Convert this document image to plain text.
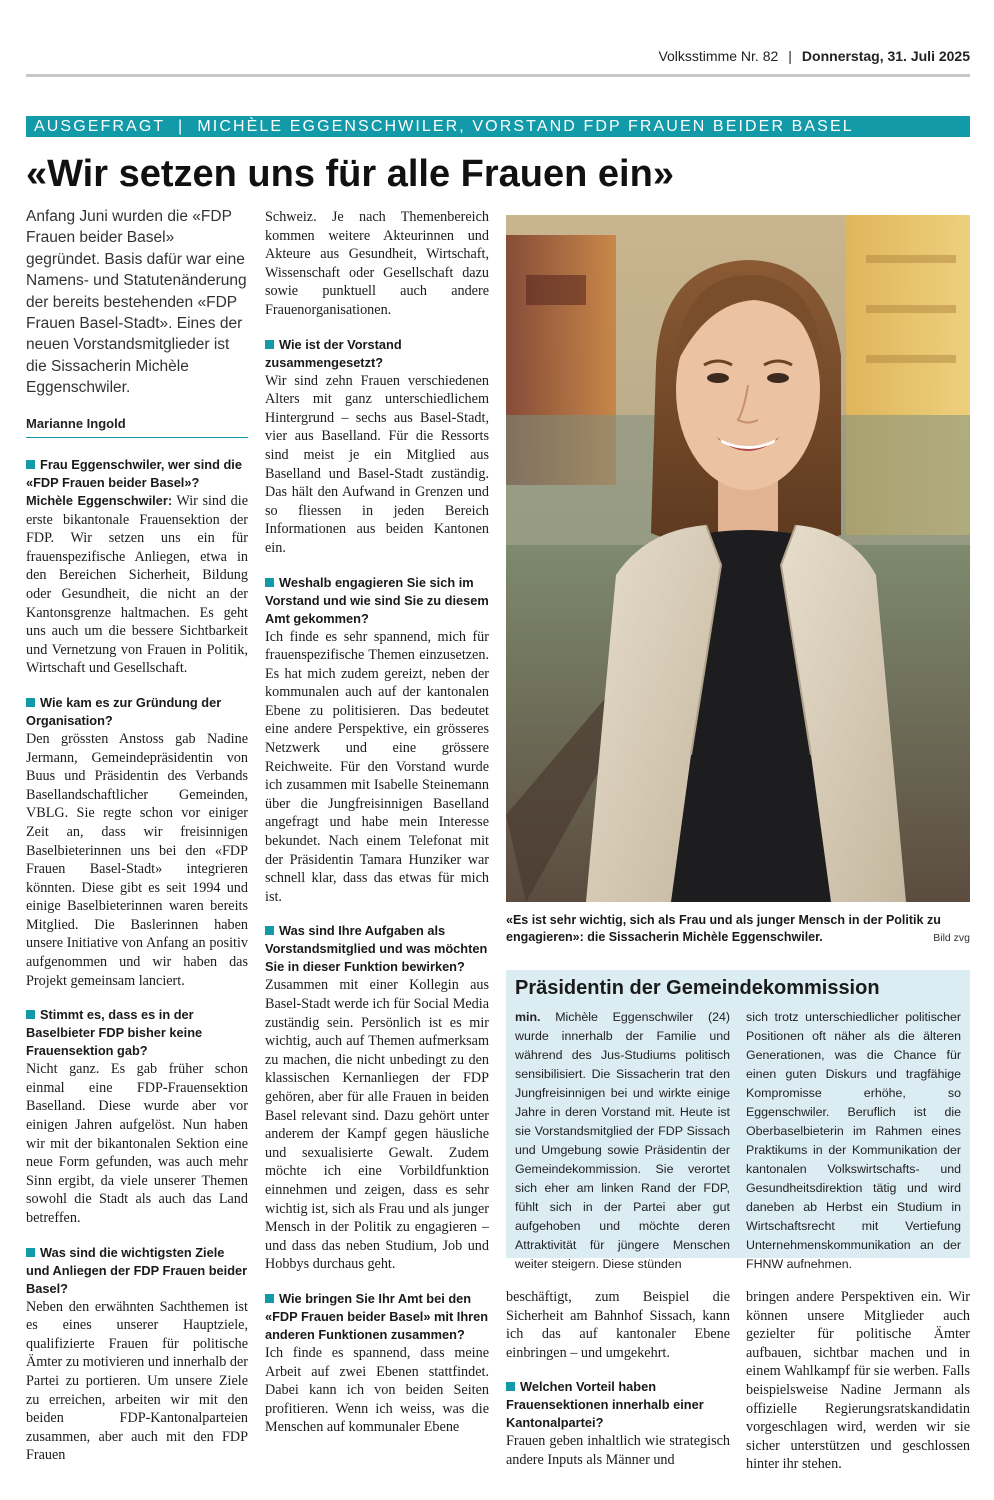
Volksstimme Nr. 82 | Donnerstag, 31. Juli 2025
AUSGEFRAGT  |  MICHÈLE EGGENSCHWILER, VORSTAND FDP FRAUEN BEIDER BASEL
«Wir setzen uns für alle Frauen ein»

Anfang Juni wurden die «FDP Frauen beider Basel» gegründet. Basis dafür war eine Namens- und Statutenänderung der bereits bestehenden «FDP Frauen Basel-Stadt». Eines der neuen Vorstandsmitglieder ist die Sissacherin Michèle Eggenschwiler.

Marianne Ingold

Frau Eggenschwiler, wer sind die «FDP Frauen beider Basel»?
Michèle Eggenschwiler: Wir sind die erste bikantonale Frauensektion der FDP. Wir setzen uns ein für frauenspezifische Anliegen, etwa in den Bereichen Sicherheit, Bildung oder Gesundheit, die nicht an der Kantonsgrenze haltmachen. Es geht uns auch um die bessere Sichtbarkeit und Vernetzung von Frauen in Politik, Wirtschaft und Gesellschaft.

Wie kam es zur Gründung der Organisation?
Den grössten Anstoss gab Nadine Jermann, Gemeindepräsidentin von Buus und Präsidentin des Verbands Basellandschaftlicher Gemeinden, VBLG. Sie regte schon vor einiger Zeit an, dass wir freisinnigen Baselbieterinnen uns bei den «FDP Frauen Basel-Stadt» integrieren könnten. Diese gibt es seit 1994 und einige Baselbieterinnen waren bereits Mitglied. Die Baslerinnen haben unsere Initiative von Anfang an positiv aufgenommen und wir haben das Projekt gemeinsam lanciert.

Stimmt es, dass es in der Baselbieter FDP bisher keine Frauensektion gab?
Nicht ganz. Es gab früher schon einmal eine FDP-Frauensektion Baselland. Diese wurde aber vor einigen Jahren aufgelöst. Nun haben wir mit der bikantonalen Sektion eine neue Form gefunden, was auch mehr Sinn ergibt, da viele unserer Themen sowohl die Stadt als auch das Land betreffen.

Was sind die wichtigsten Ziele und Anliegen der FDP Frauen beider Basel?
Neben den erwähnten Sachthemen ist es eines unserer Hauptziele, qualifizierte Frauen für politische Ämter zu motivieren und innerhalb der Partei zu portieren. Um unsere Ziele zu erreichen, arbeiten wir mit den beiden FDP-Kantonalparteien zusammen, aber auch mit den FDP Frauen

Schweiz. Je nach Themenbereich kommen weitere Akteurinnen und Akteure aus Gesundheit, Wirtschaft, Wissenschaft oder Gesellschaft dazu sowie punktuell auch andere Frauenorganisationen.

Wie ist der Vorstand zusammengesetzt?
Wir sind zehn Frauen verschiedenen Alters mit ganz unterschiedlichem Hintergrund – sechs aus Basel-Stadt, vier aus Baselland. Für die Ressorts sind meist je ein Mitglied aus Baselland und Basel-Stadt zuständig. Das hält den Aufwand in Grenzen und so fliessen in jeden Bereich Informationen aus beiden Kantonen ein.

Weshalb engagieren Sie sich im Vorstand und wie sind Sie zu diesem Amt gekommen?
Ich finde es sehr spannend, mich für frauenspezifische Themen einzusetzen. Es hat mich zudem gereizt, neben der kommunalen auch auf der kantonalen Ebene zu politisieren. Das bedeutet eine andere Perspektive, ein grösseres Netzwerk und eine grössere Reichweite. Für den Vorstand wurde ich zusammen mit Isabelle Steinemann über die Jungfreisinnigen Baselland angefragt und habe mein Interesse bekundet. Nach einem Telefonat mit der Präsidentin Tamara Hunziker war schnell klar, dass das etwas für mich ist.

Was sind Ihre Aufgaben als Vorstandsmitglied und was möchten Sie in dieser Funktion bewirken?
Zusammen mit einer Kollegin aus Basel-Stadt werde ich für Social Media zuständig sein. Persönlich ist es mir wichtig, auch auf Themen aufmerksam zu machen, die nicht unbedingt zu den klassischen Kernanliegen der FDP gehören, aber für alle Frauen in beiden Basel relevant sind. Dazu gehört unter anderem der Kampf gegen häusliche und sexualisierte Gewalt. Zudem möchte ich eine Vorbildfunktion einnehmen und zeigen, dass es sehr wichtig ist, sich als Frau und als junger Mensch in der Politik zu engagieren – und dass das neben Studium, Job und Hobbys durchaus geht.

Wie bringen Sie Ihr Amt bei den «FDP Frauen beider Basel» mit Ihren anderen Funktionen zusammen?
Ich finde es spannend, dass meine Arbeit auf zwei Ebenen stattfindet. Dabei kann ich von beiden Seiten profitieren. Wenn ich weiss, was die Menschen auf kommunaler Ebene

«Es ist sehr wichtig, sich als Frau und als junger Mensch in der Politik zu engagieren»: die Sissacherin Michèle Eggenschwiler.	Bild zvg
Präsidentin der Gemeindekommission

min. Michèle Eggenschwiler (24) wurde innerhalb der Familie und während des Jus-Studiums politisch sensibilisiert. Die Sissacherin trat den Jungfreisinnigen bei und wirkte einige Jahre in deren Vorstand mit. Heute ist sie Vorstandsmitglied der FDP Sissach und Umgebung sowie Präsidentin der Gemeindekommission. Sie verortet sich eher am linken Rand der FDP, fühlt sich in der Partei aber gut aufgehoben und möchte deren Attraktivität für jüngere Menschen weiter steigern. Diese stünden

sich trotz unterschiedlicher politischer Positionen oft näher als die älteren Generationen, was die Chance für einen guten Diskurs und tragfähige Kompromisse erhöhe, so Eggenschwiler. Beruflich ist die Oberbaselbieterin im Rahmen eines Praktikums in der Kommunikation der kantonalen Volkswirtschafts- und Gesundheitsdirektion tätig und wird daneben ab Herbst ein Studium in Wirtschaftsrecht mit Vertiefung Unternehmenskommunikation an der FHNW aufnehmen.

beschäftigt, zum Beispiel die Sicherheit am Bahnhof Sissach, kann ich das auf kantonaler Ebene einbringen – und umgekehrt.

Welchen Vorteil haben Frauensektionen innerhalb einer Kantonalpartei?
Frauen geben inhaltlich wie strategisch andere Inputs als Männer und

bringen andere Perspektiven ein. Wir können unsere Mitglieder auch gezielter für politische Ämter aufbauen, sichtbar machen und in einem Wahlkampf für sie werben. Falls beispielsweise Nadine Jermann als offizielle Regierungsratskandidatin vorgeschlagen wird, werden wir sie sicher unterstützen und geschlossen hinter ihr stehen.
